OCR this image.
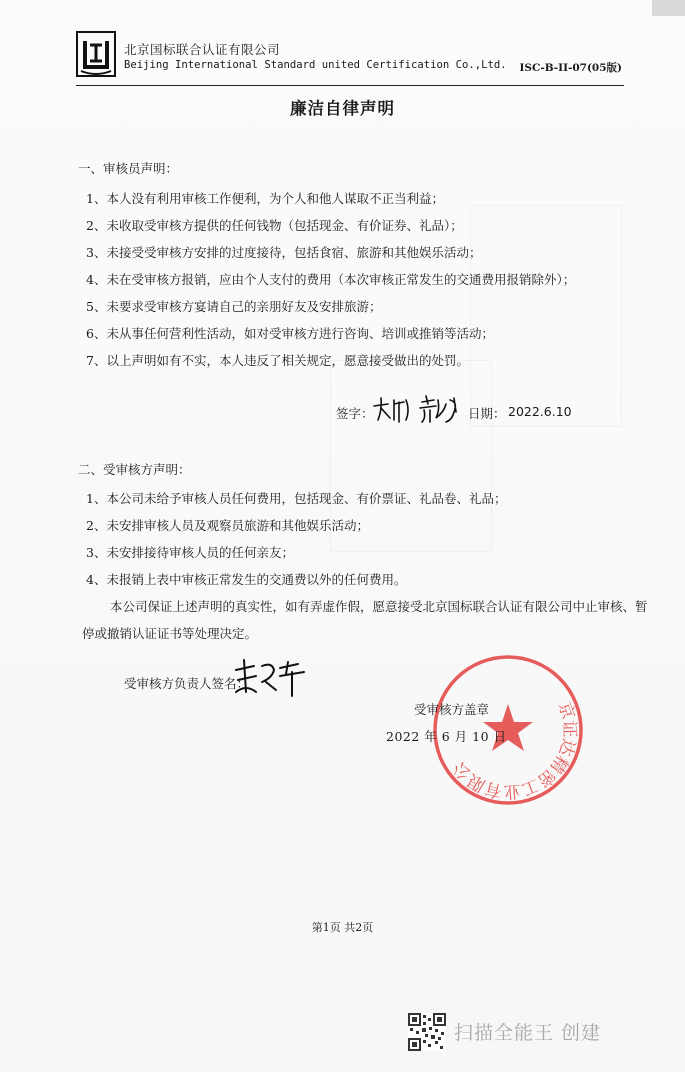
北京国标联合认证有限公司
Beijing International Standard united Certification Co.,Ltd. ISC-B-II-07(05版)
廉洁自律声明
一、审核员声明：
1、本人没有利用审核工作便利，为个人和他人谋取不正当利益；
2、未收取受审核方提供的任何钱物（包括现金、有价证券、礼品）；
3、未接受受审核方安排的过度接待，包括食宿、旅游和其他娱乐活动；
4、未在受审核方报销，应由个人支付的费用（本次审核正常发生的交通费用报销除外）；
5、未要求受审核方宴请自己的亲朋好友及安排旅游；
6、未从事任何营利性活动，如对受审核方进行咨询、培训或推销等活动；
7、以上声明如有不实，本人违反了相关规定，愿意接受做出的处罚。
签字：	日期： 2022.6.10
二、受审核方声明：
1、本公司未给予审核人员任何费用，包括现金、有价票证、礼品卷、礼品；
2、未安排审核人员及观察员旅游和其他娱乐活动；
3、未安排接待审核人员的任何亲友；
4、未报销上表中审核正常发生的交通费以外的任何费用。
本公司保证上述声明的真实性，如有弄虚作假，愿意接受北京国标联合认证有限公司中止审核、暂
停或撤销认证证书等处理决定。
受审核方负责人签名：
南京证达精密工业有限公司
受审核方盖章
2022 年 6 月 10 日
第1页 共2页
扫描全能王 创建
